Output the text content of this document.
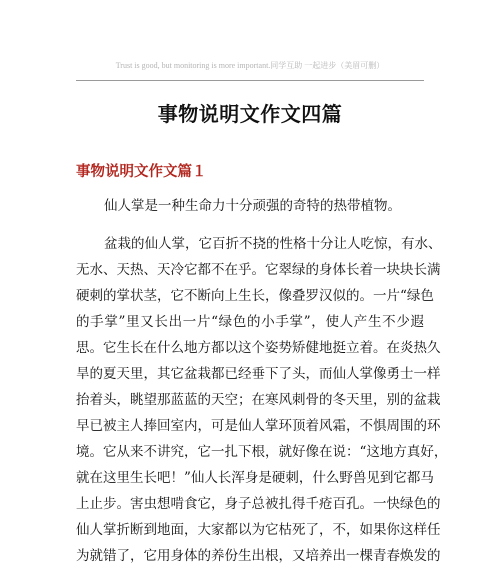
Trust is good, but monitoring is more important.同学互助 一起进步（美眉可删）
事物说明文作文四篇
事物说明文作文篇１

仙人掌是一种生命力十分顽强的奇特的热带植物。

盆栽的仙人掌，它百折不挠的性格十分让人吃惊，有水、
无水、天热、天冷它都不在乎。它翠绿的身体长着一块块长满
硬刺的掌状茎，它不断向上生长，像叠罗汉似的。一片“绿色
的手掌”里又长出一片“绿色的小手掌”，使人产生不少遐
思。它生长在什么地方都以这个姿势矫健地挺立着。在炎热久
旱的夏天里，其它盆栽都已经垂下了头，而仙人掌像勇士一样
抬着头，眺望那蓝蓝的天空；在寒风刺骨的冬天里，别的盆栽
早已被主人捧回室内，可是仙人掌环顶着风霜，不惧周围的环
境。它从来不讲究，它一扎下根，就好像在说：“这地方真好，
就在这里生长吧！”仙人长浑身是硬刺，什么野兽见到它都马
上止步。害虫想啃食它，身子总被扎得千疮百孔。一快绿色的
仙人掌折断到地面，大家都以为它枯死了，不，如果你这样任
为就错了，它用身体的养份生出根，又培养出一棵青春焕发的
